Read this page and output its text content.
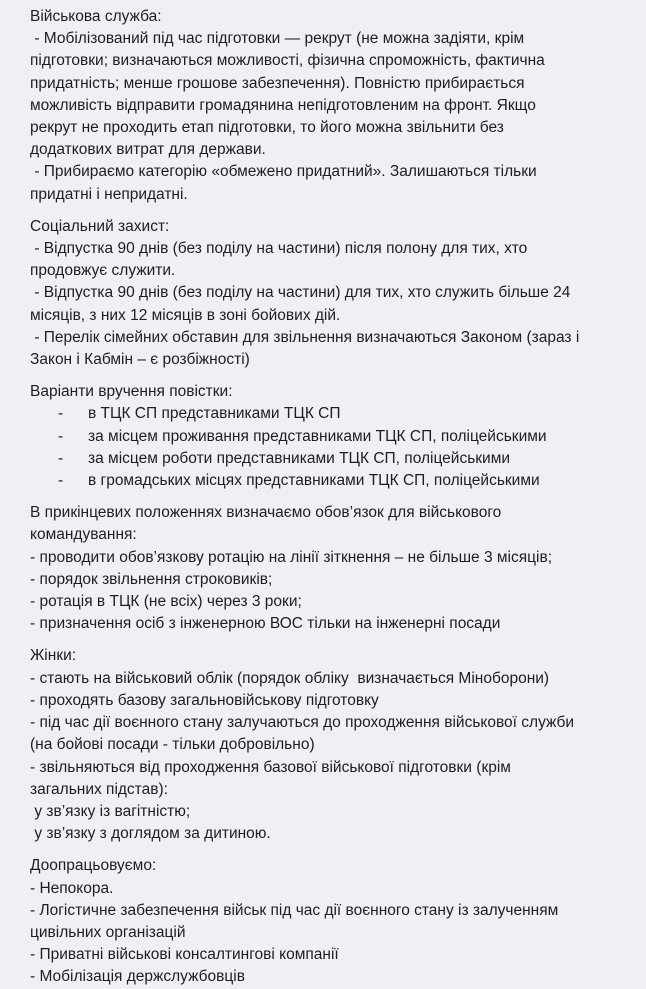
Військова служба:
- Мобілізований під час підготовки — рекрут (не можна задіяти, крім
підготовки; визначаються можливості, фізична спроможність, фактична
придатність; менше грошове забезпечення). Повністю прибирається
можливість відправити громадянина непідготовленим на фронт. Якщо
рекрут не проходить етап підготовки, то його можна звільнити без
додаткових витрат для держави.
- Прибираємо категорію «обмежено придатний». Залишаються тільки
придатні і непридатні.
Соціальний захист:
- Відпустка 90 днів (без поділу на частини) після полону для тих, хто
продовжує служити.
- Відпустка 90 днів (без поділу на частини) для тих, хто служить більше 24
місяців, з них 12 місяців в зоні бойових дій.
- Перелік сімейних обставин для звільнення визначаються Законом (зараз і
Закон і Кабмін – є розбіжності)
Варіанти вручення повістки:
-	в ТЦК СП представниками ТЦК СП
-	за місцем проживання представниками ТЦК СП, поліцейськими
-	за місцем роботи представниками ТЦК СП, поліцейськими
-	в громадських місцях представниками ТЦК СП, поліцейськими
В прикінцевих положеннях визначаємо обов’язок для військового
командування:
- проводити обов’язкову ротацію на лінії зіткнення – не більше 3 місяців;
- порядок звільнення строковиків;
- ротація в ТЦК (не всіх) через 3 роки;
- призначення осіб з інженерною ВОС тільки на інженерні посади
Жінки:
- стають на військовий облік (порядок обліку  визначається Міноборони)
- проходять базову загальновійськову підготовку
- під час дії воєнного стану залучаються до проходження військової служби
(на бойові посади - тільки добровільно)
- звільняються від проходження базової військової підготовки (крім
загальних підстав):
у зв’язку із вагітністю;
у зв’язку з доглядом за дитиною.
Доопрацьовуємо:
- Непокора.
- Логістичне забезпечення військ під час дії воєнного стану із залученням
цивільних організацій
- Приватні військові консалтингові компанії
- Мобілізація держслужбовців
